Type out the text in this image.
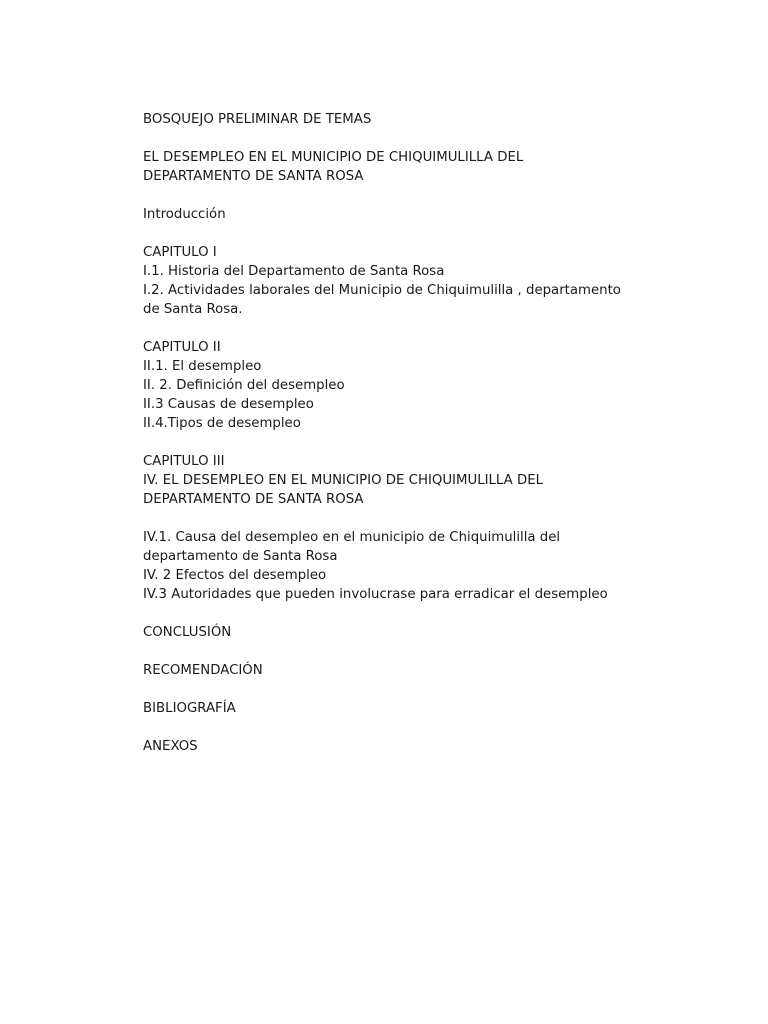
BOSQUEJO PRELIMINAR DE TEMAS
EL DESEMPLEO EN EL MUNICIPIO DE CHIQUIMULILLA DEL DEPARTAMENTO DE SANTA ROSA
Introducción
CAPITULO I
I.1. Historia del Departamento de Santa Rosa
I.2. Actividades laborales del Municipio de Chiquimulilla , departamento de Santa Rosa.
CAPITULO II
II.1. El desempleo
II. 2. Definición del desempleo
II.3 Causas de desempleo
II.4.Tipos de desempleo
CAPITULO III
IV. EL DESEMPLEO EN EL MUNICIPIO DE CHIQUIMULILLA DEL DEPARTAMENTO DE SANTA ROSA
IV.1. Causa del desempleo en el municipio de Chiquimulilla del departamento de Santa Rosa
IV. 2 Efectos del desempleo
IV.3 Autoridades que pueden involucrase para erradicar el desempleo
CONCLUSIÓN
RECOMENDACIÓN
BIBLIOGRAFÍA
ANEXOS
